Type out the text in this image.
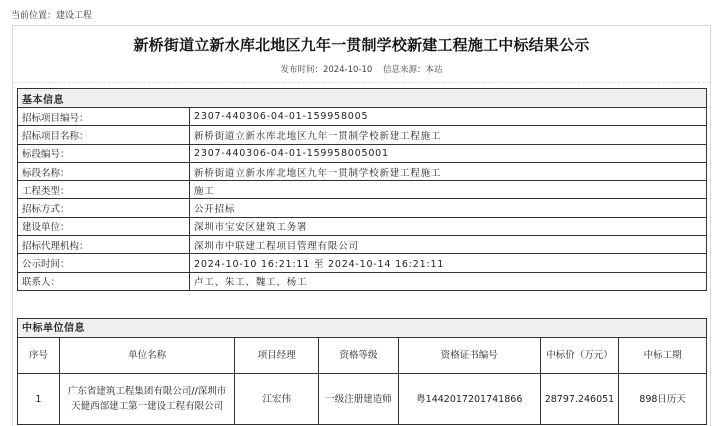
当前位置：建设工程
新桥街道立新水库北地区九年一贯制学校新建工程施工中标结果公示
发布时间：2024-10-10 信息来源：本站
基本信息	
招标项目编号：	2307-440306-04-01-159958005
招标项目名称：	新桥街道立新水库北地区九年一贯制学校新建工程施工
标段编号：	2307-440306-04-01-159958005001
标段名称：	新桥街道立新水库北地区九年一贯制学校新建工程施工
工程类型：	施工
招标方式：	公开招标
建设单位：	深圳市宝安区建筑工务署
招标代理机构：	深圳市中联建工程项目管理有限公司
公示时间：	2024-10-10 16:21:11 至 2024-10-14 16:21:11
联系人：	卢工、朱工、魏工、杨工
中标单位信息						
序号	单位名称	项目经理	资格等级	资格证书编号	中标价（万元）	中标工期
1	广东省建筑工程集团有限公司//深圳市天健西部建工第一建设工程有限公司	江宏伟	一级注册建造师	粤1442017201741866	28797.246051	898日历天
